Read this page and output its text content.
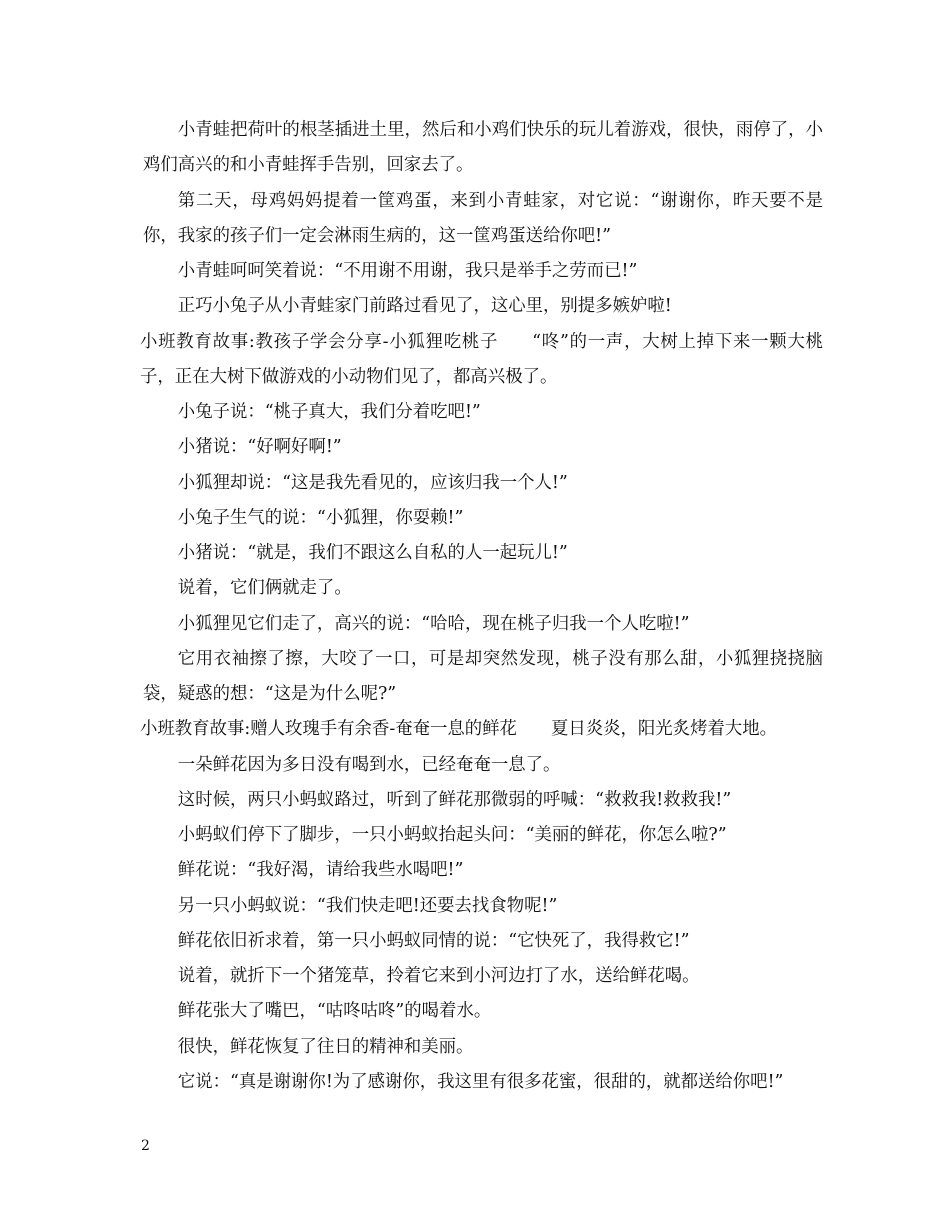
小青蛙把荷叶的根茎插进土里，然后和小鸡们快乐的玩儿着游戏，很快，雨停了，小鸡们高兴的和小青蛙挥手告别，回家去了。

第二天，母鸡妈妈提着一筐鸡蛋，来到小青蛙家，对它说：“谢谢你，昨天要不是你，我家的孩子们一定会淋雨生病的，这一筐鸡蛋送给你吧!”

小青蛙呵呵笑着说：“不用谢不用谢，我只是举手之劳而已!”

正巧小兔子从小青蛙家门前路过看见了，这心里，别提多嫉妒啦!

小班教育故事:教孩子学会分享-小狐狸吃桃子 “咚”的一声，大树上掉下来一颗大桃子，正在大树下做游戏的小动物们见了，都高兴极了。

小兔子说：“桃子真大，我们分着吃吧!”

小猪说：“好啊好啊!”

小狐狸却说：“这是我先看见的，应该归我一个人!”

小兔子生气的说：“小狐狸，你耍赖!”

小猪说：“就是，我们不跟这么自私的人一起玩儿!”

说着，它们俩就走了。

小狐狸见它们走了，高兴的说：“哈哈，现在桃子归我一个人吃啦!”

它用衣袖擦了擦，大咬了一口，可是却突然发现，桃子没有那么甜，小狐狸挠挠脑袋，疑惑的想：“这是为什么呢?”

小班教育故事:赠人玫瑰手有余香-奄奄一息的鲜花 夏日炎炎，阳光炙烤着大地。

一朵鲜花因为多日没有喝到水，已经奄奄一息了。

这时候，两只小蚂蚁路过，听到了鲜花那微弱的呼喊：“救救我!救救我!”

小蚂蚁们停下了脚步，一只小蚂蚁抬起头问：“美丽的鲜花，你怎么啦?”

鲜花说：“我好渴，请给我些水喝吧!”

另一只小蚂蚁说：“我们快走吧!还要去找食物呢!”

鲜花依旧祈求着，第一只小蚂蚁同情的说：“它快死了，我得救它!”

说着，就折下一个猪笼草，拎着它来到小河边打了水，送给鲜花喝。

鲜花张大了嘴巴，“咕咚咕咚”的喝着水。

很快，鲜花恢复了往日的精神和美丽。

它说：“真是谢谢你!为了感谢你，我这里有很多花蜜，很甜的，就都送给你吧!”

2
